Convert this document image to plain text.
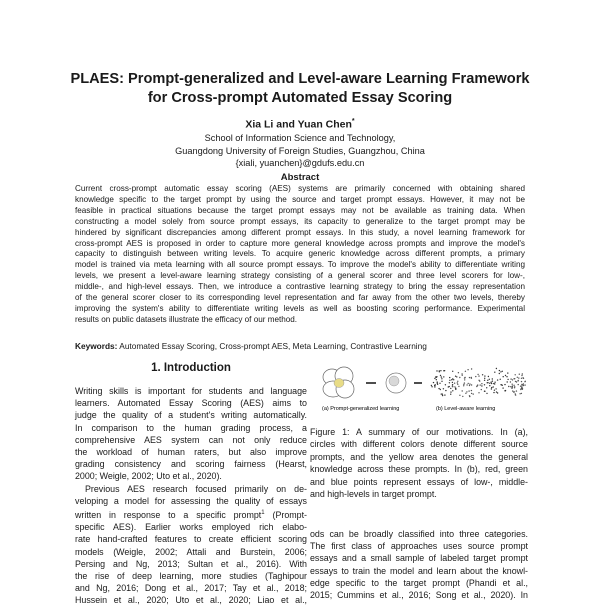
PLAES: Prompt-generalized and Level-aware Learning Framework
for Cross-prompt Automated Essay Scoring
Xia Li and Yuan Chen*
School of Information Science and Technology,
Guangdong University of Foreign Studies, Guangzhou, China
{xiali, yuanchen}@gdufs.edu.cn
Abstract
Current cross-prompt automatic essay scoring (AES) systems are primarily concerned with obtaining shared
knowledge specific to the target prompt by using the source and target prompt essays. However, it may not be
feasible in practical situations because the target prompt essays may not be available as training data. When
constructing a model solely from source prompt essays, its capacity to generalize to the target prompt may be
hindered by significant discrepancies among different prompt essays. In this study, a novel learning framework for
cross-prompt AES is proposed in order to capture more general knowledge across prompts and improve the model's
capacity to distinguish between writing levels. To acquire generic knowledge across different prompts, a primary
model is trained via meta learning with all source prompt essays. To improve the model's ability to differentiate writing
levels, we present a level-aware learning strategy consisting of a general scorer and three level scorers for low-,
middle-, and high-level essays. Then, we introduce a contrastive learning strategy to bring the essay representation
of the general scorer closer to its corresponding level representation and far away from the other two levels, thereby
improving the system's ability to differentiate writing levels as well as boosting scoring performance. Experimental
results on public datasets illustrate the efficacy of our method.
Keywords: Automated Essay Scoring, Cross-prompt AES, Meta Learning, Contrastive Learning
1. Introduction
Writing skills is important for students and language
learners. Automated Essay Scoring (AES) aims to
judge the quality of a student's writing automatically.
In comparison to the human grading process, a
comprehensive AES system can not only reduce
the workload of human raters, but also improve
grading consistency and scoring fairness (Hearst,
2000; Weigle, 2002; Uto et al., 2020).
Previous AES research focused primarily on de-
veloping a model for assessing the quality of essays
written in response to a specific prompt$^1$ (Prompt-
specific AES). Earlier works employed rich elabo-
rate hand-crafted features to create efficient scoring
models (Weigle, 2002; Attali and Burstein, 2006;
Persing and Ng, 2013; Sultan et al., 2016). With
the rise of deep learning, more studies (Taghipour
and Ng, 2016; Dong et al., 2017; Tay et al., 2018;
Hussein et al., 2020; Uto et al., 2020; Liao et al.,
(a) Prompt-generalized learning	(b) Level-aware learning
Figure 1: A summary of our motivations. In (a),
circles with different colors denote different source
prompts, and the yellow area denotes the general
knowledge across these prompts. In (b), red, green
and blue points represent essays of low-, middle-
and high-levels in target prompt.
ods can be broadly classified into three categories.
The first class of approaches uses source prompt
essays and a small sample of labeled target prompt
essays to train the model and learn about the knowl-
edge specific to the target prompt (Phandi et al.,
2015; Cummins et al., 2016; Song et al., 2020). In
